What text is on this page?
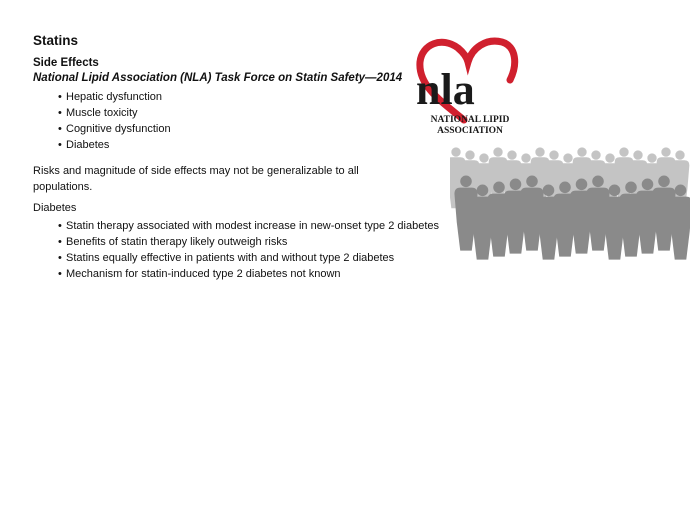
Statins
Side Effects
National Lipid Association (NLA) Task Force on Statin Safety—2014
• Hepatic dysfunction
• Muscle toxicity
• Cognitive dysfunction
• Diabetes
Risks and magnitude of side effects may not be generalizable to all populations.
Diabetes
• Statin therapy associated with modest increase in new-onset type 2 diabetes
• Benefits of statin therapy likely outweigh risks
• Statins equally effective in patients with and without type 2 diabetes
• Mechanism for statin-induced type 2 diabetes not known
nla
NATIONAL LIPID
ASSOCIATION
